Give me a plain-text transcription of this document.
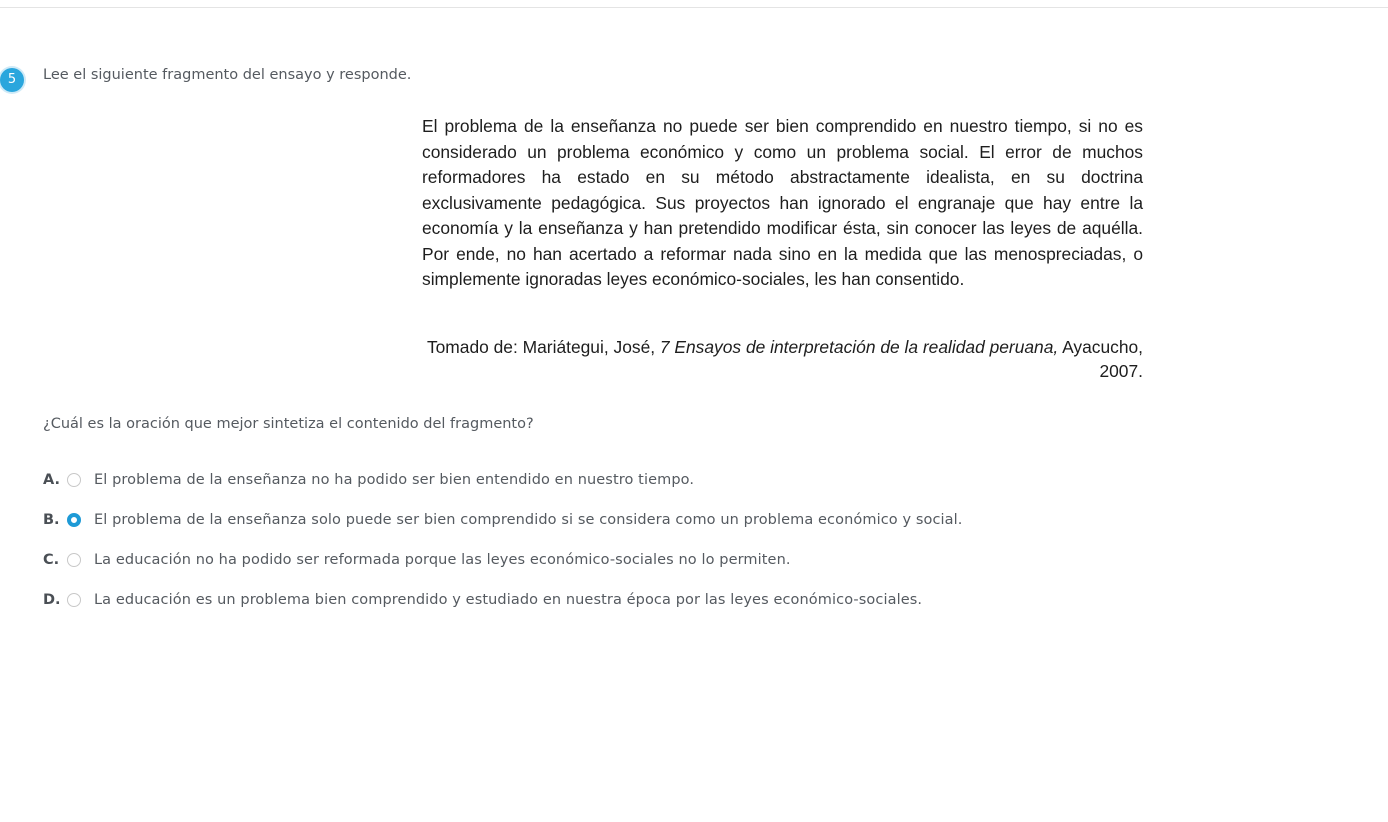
5	Lee el siguiente fragmento del ensayo y responde.

El problema de la enseñanza no puede ser bien comprendido en nuestro tiempo, si no es considerado un problema económico y como un problema social. El error de muchos reformadores ha estado en su método abstractamente idealista, en su doctrina exclusivamente pedagógica. Sus proyectos han ignorado el engranaje que hay entre la economía y la enseñanza y han pretendido modificar ésta, sin conocer las leyes de aquélla. Por ende, no han acertado a reformar nada sino en la medida que las menospreciadas, o simplemente ignoradas leyes económico-sociales, les han consentido.

Tomado de: Mariátegui, José, 7 Ensayos de interpretación de la realidad peruana, Ayacucho, 2007.

¿Cuál es la oración que mejor sintetiza el contenido del fragmento?
A.	El problema de la enseñanza no ha podido ser bien entendido en nuestro tiempo.
B.	El problema de la enseñanza solo puede ser bien comprendido si se considera como un problema económico y social.
C.	La educación no ha podido ser reformada porque las leyes económico-sociales no lo permiten.
D.	La educación es un problema bien comprendido y estudiado en nuestra época por las leyes económico-sociales.
